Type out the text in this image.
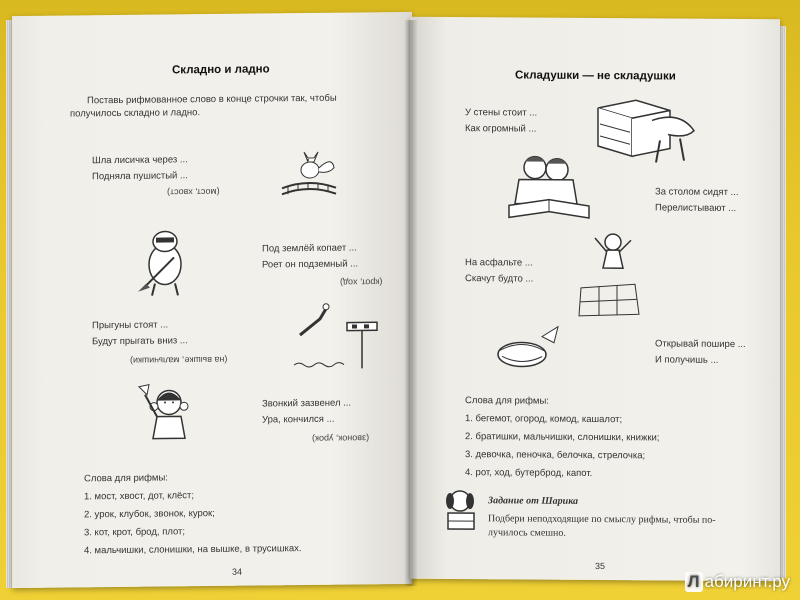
Складно и ладно
Поставь рифмованное слово в конце строчки так, чтобы
получилось складно и ладно.
Шла лисичка через ...
Подняла пушистый ...
(мост, хвост)
Под землёй копает ...
Роет он подземный ...
(крот, ход)
Прыгуны стоят ...
Будут прыгать вниз ...
(на вышке, мальчишки)
Звонкий зазвенел ...
Ура, кончился ...
(звонок, урок)
Слова для рифмы:
1. мост, хвост, дот, клёст;
2. урок, клубок, звонок, курок;
3. кот, крот, брод, плот;
4. мальчишки, слонишки, на вышке, в трусишках.
34
Складушки — не складушки
У стены стоит ...
Как огромный ...
За столом сидят ...
Перелистывают ...
На асфальте ...
Скачут будто ...
Открывай пошире ...
И получишь ...
Слова для рифмы:
1. бегемот, огород, комод, кашалот;
2. братишки, мальчишки, слонишки, книжки;
3. девочка, пеночка, белочка, стрелочка;
4. рот, ход, бутерброд, капот.
Задание от Шарика
Подбери неподходящие по смыслу рифмы, чтобы по-
лучилось смешно.
35
Л абиринт.ру
